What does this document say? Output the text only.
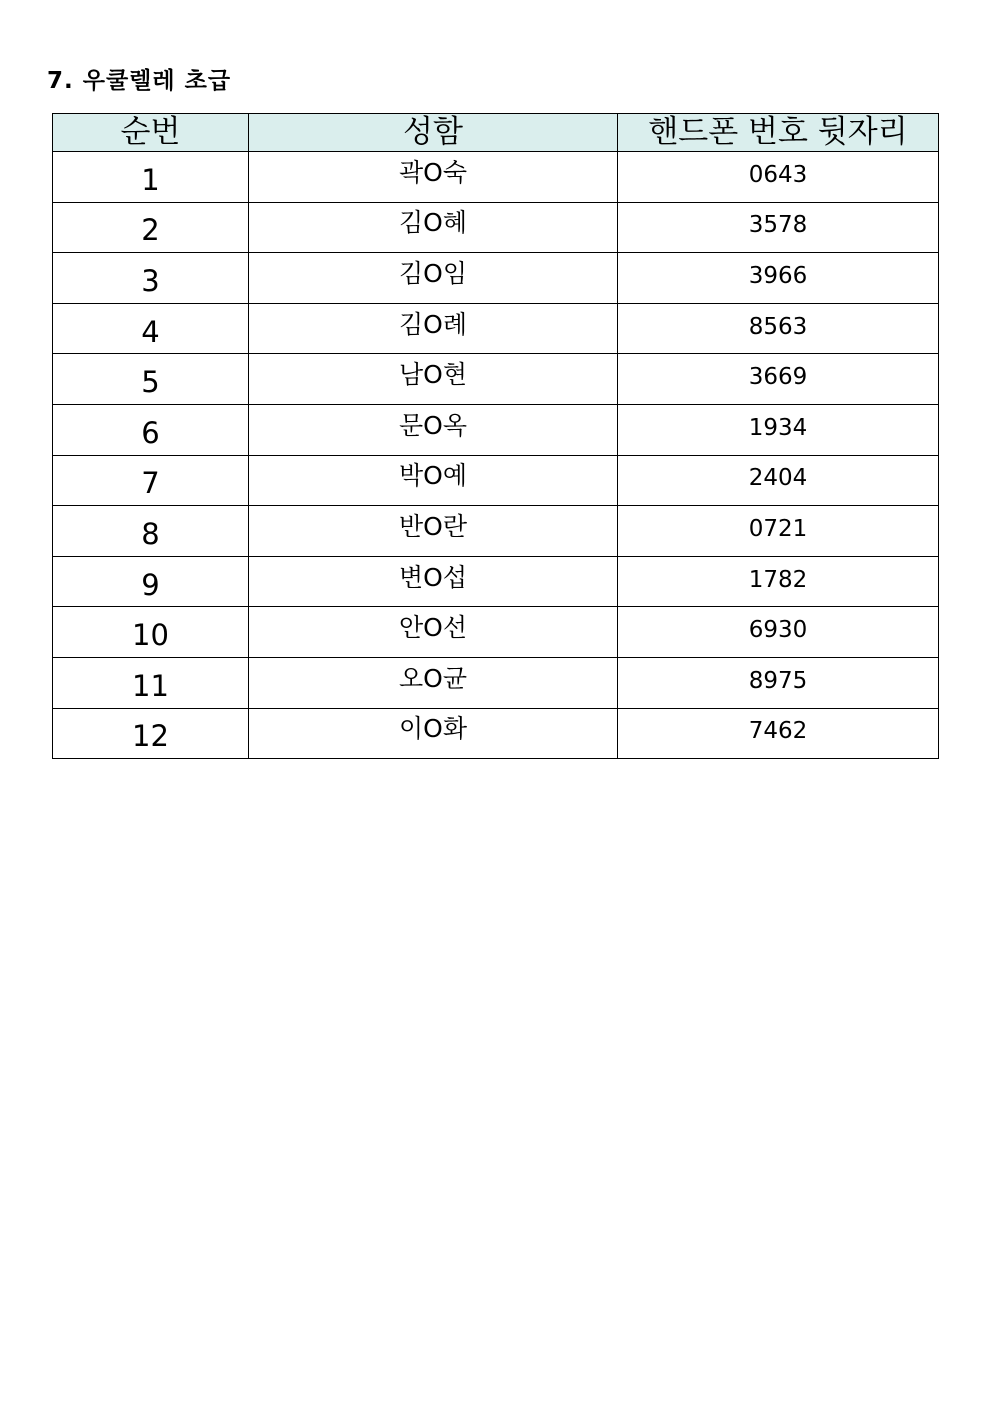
7. 우쿨렐레 초급
순번	성함	핸드폰 번호 뒷자리
1	곽O숙	0643
2	김O혜	3578
3	김O임	3966
4	김O례	8563
5	남O현	3669
6	문O옥	1934
7	박O예	2404
8	반O란	0721
9	변O섭	1782
10	안O선	6930
11	오O균	8975
12	이O화	7462
